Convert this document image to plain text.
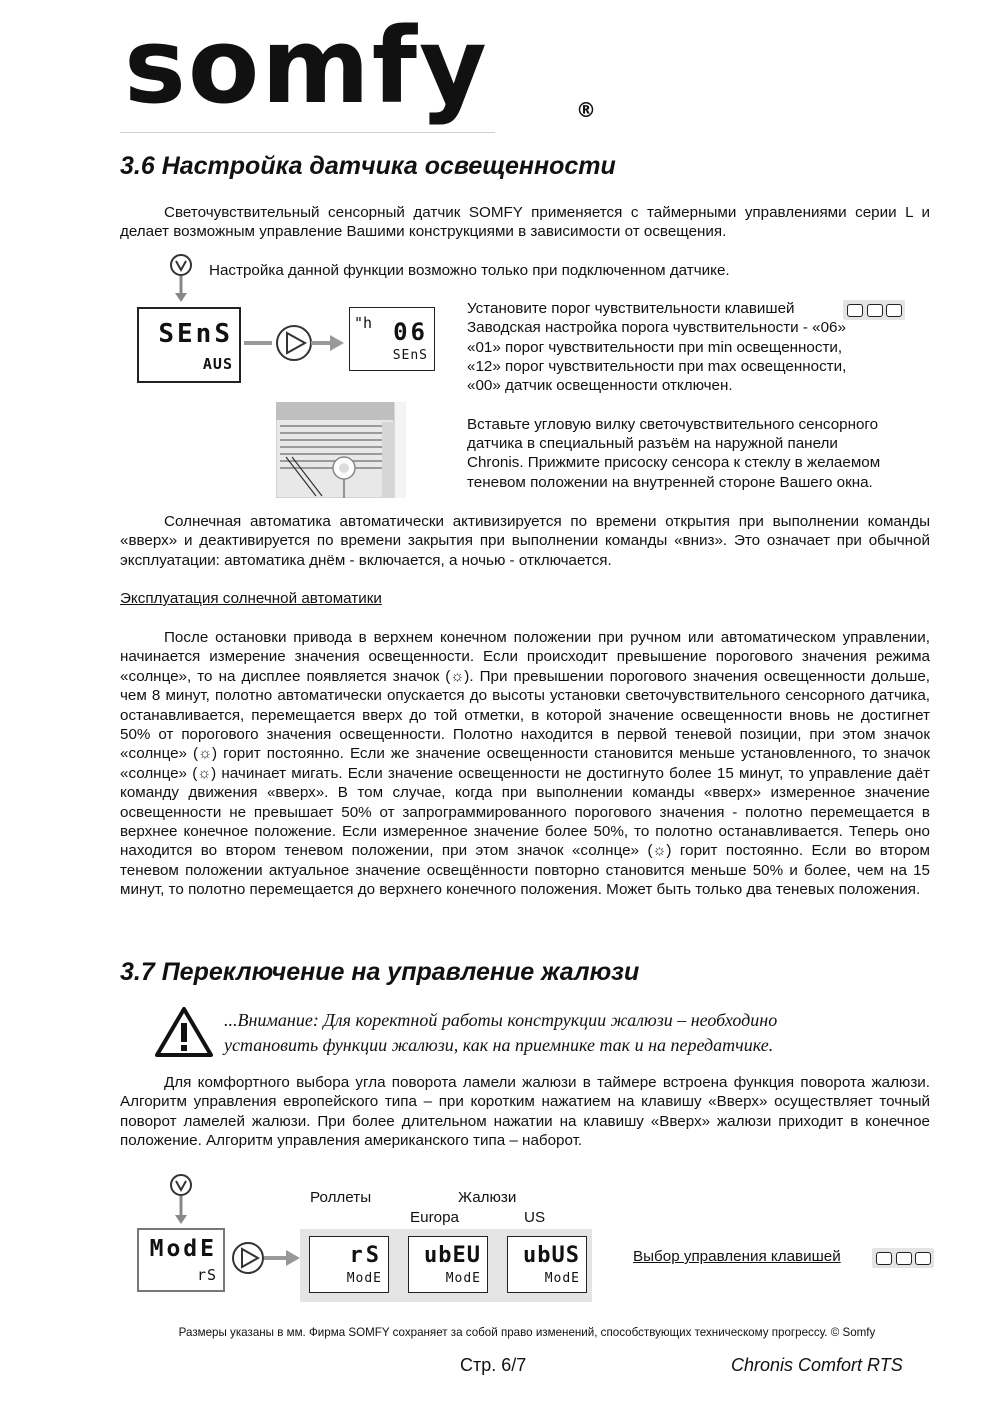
somfy	®
3.6 Настройка датчика освещенности

Светочувствительный сенсорный датчик SOMFY применяется с таймерными управлениями серии L и делает возможным управление Вашими конструкциями в зависимости от освещения.

Настройка данной функции возможно только при подключенном датчике.

SEnS
AUS
"h 06
SEnS

Установите порог чувствительности клавишей

Заводская настройка порога чувствительности - «06»

«01» порог чувствительности при min освещенности,

«12» порог чувствительности при max освещенности,

«00» датчик освещенности отключен.

Вставьте угловую вилку светочувствительного сенсорного

датчика в специальный разъём на наружной панели

Chronis. Прижмите присоску сенсора к стеклу в желаемом

теневом положении на внутренней стороне Вашего окна.

Солнечная автоматика автоматически активизируется по времени открытия при выполнении команды «вверх» и деактивируется по времени закрытия при выполнении команды «вниз». Это означает при обычной эксплуатации: автоматика днём - включается, а ночью - отключается.

Эксплуатация солнечной автоматики

После остановки привода в верхнем конечном положении при ручном или автоматическом управлении, начинается измерение значения освещенности. Если происходит превышение порогового значения режима «солнце», то на дисплее появляется значок (☼). При превышении порогового значения освещенности дольше, чем 8 минут, полотно автоматически опускается до высоты установки светочувствительного сенсорного датчика, останавливается, перемещается вверх до той отметки, в которой значение освещенности вновь не достигнет 50% от порогового значения освещенности. Полотно находится в первой теневой позиции, при этом значок «солнце» (☼) горит постоянно. Если же значение освещенности становится меньше установленного, то значок «солнце» (☼) начинает мигать. Если значение освещенности не достигнуто более 15 минут, то управление даёт команду движения «вверх». В том случае, когда при выполнении команды «вверх» измеренное значение освещенности не превышает 50% от запрограммированного порогового значения - полотно перемещается в верхнее конечное положение. Если измеренное значение более 50%, то полотно останавливается. Теперь оно находится во втором теневом положении, при этом значок «солнце» (☼) горит постоянно. Если во втором теневом положении актуальное значение освещённости повторно становится меньше 50% и более, чем на 15 минут, то полотно перемещается до верхнего конечного положения. Может быть только два теневых положения.

3.7 Переключение на управление жалюзи
...Внимание: Для коректной работы конструкции жалюзи – необходино
установить функции жалюзи, как на приемнике так и на передатчике.

Для комфортного выбора угла поворота ламели жалюзи в таймере встроена функция поворота жалюзи. Алгоритм управления европейского типа – при коротким нажатием на клавишу «Вверх» осуществляет точный поворот ламелей жалюзи. При более длительном нажатии на клавишу «Вверх» жалюзи приходит в конечное положение. Алгоритм управления американского типа – наборот.

Роллеты	Жалюзи

Europa	US

ModE
rS
rS
ModE
ubEU
ModE
ubUS
ModE

Выбор управления клавишей

Размеры указаны в мм. Фирма SOMFY сохраняет за собой право изменений, способствующих техническому прогрессу. © Somfy

Стр. 6/7	Chronis Comfort RTS
